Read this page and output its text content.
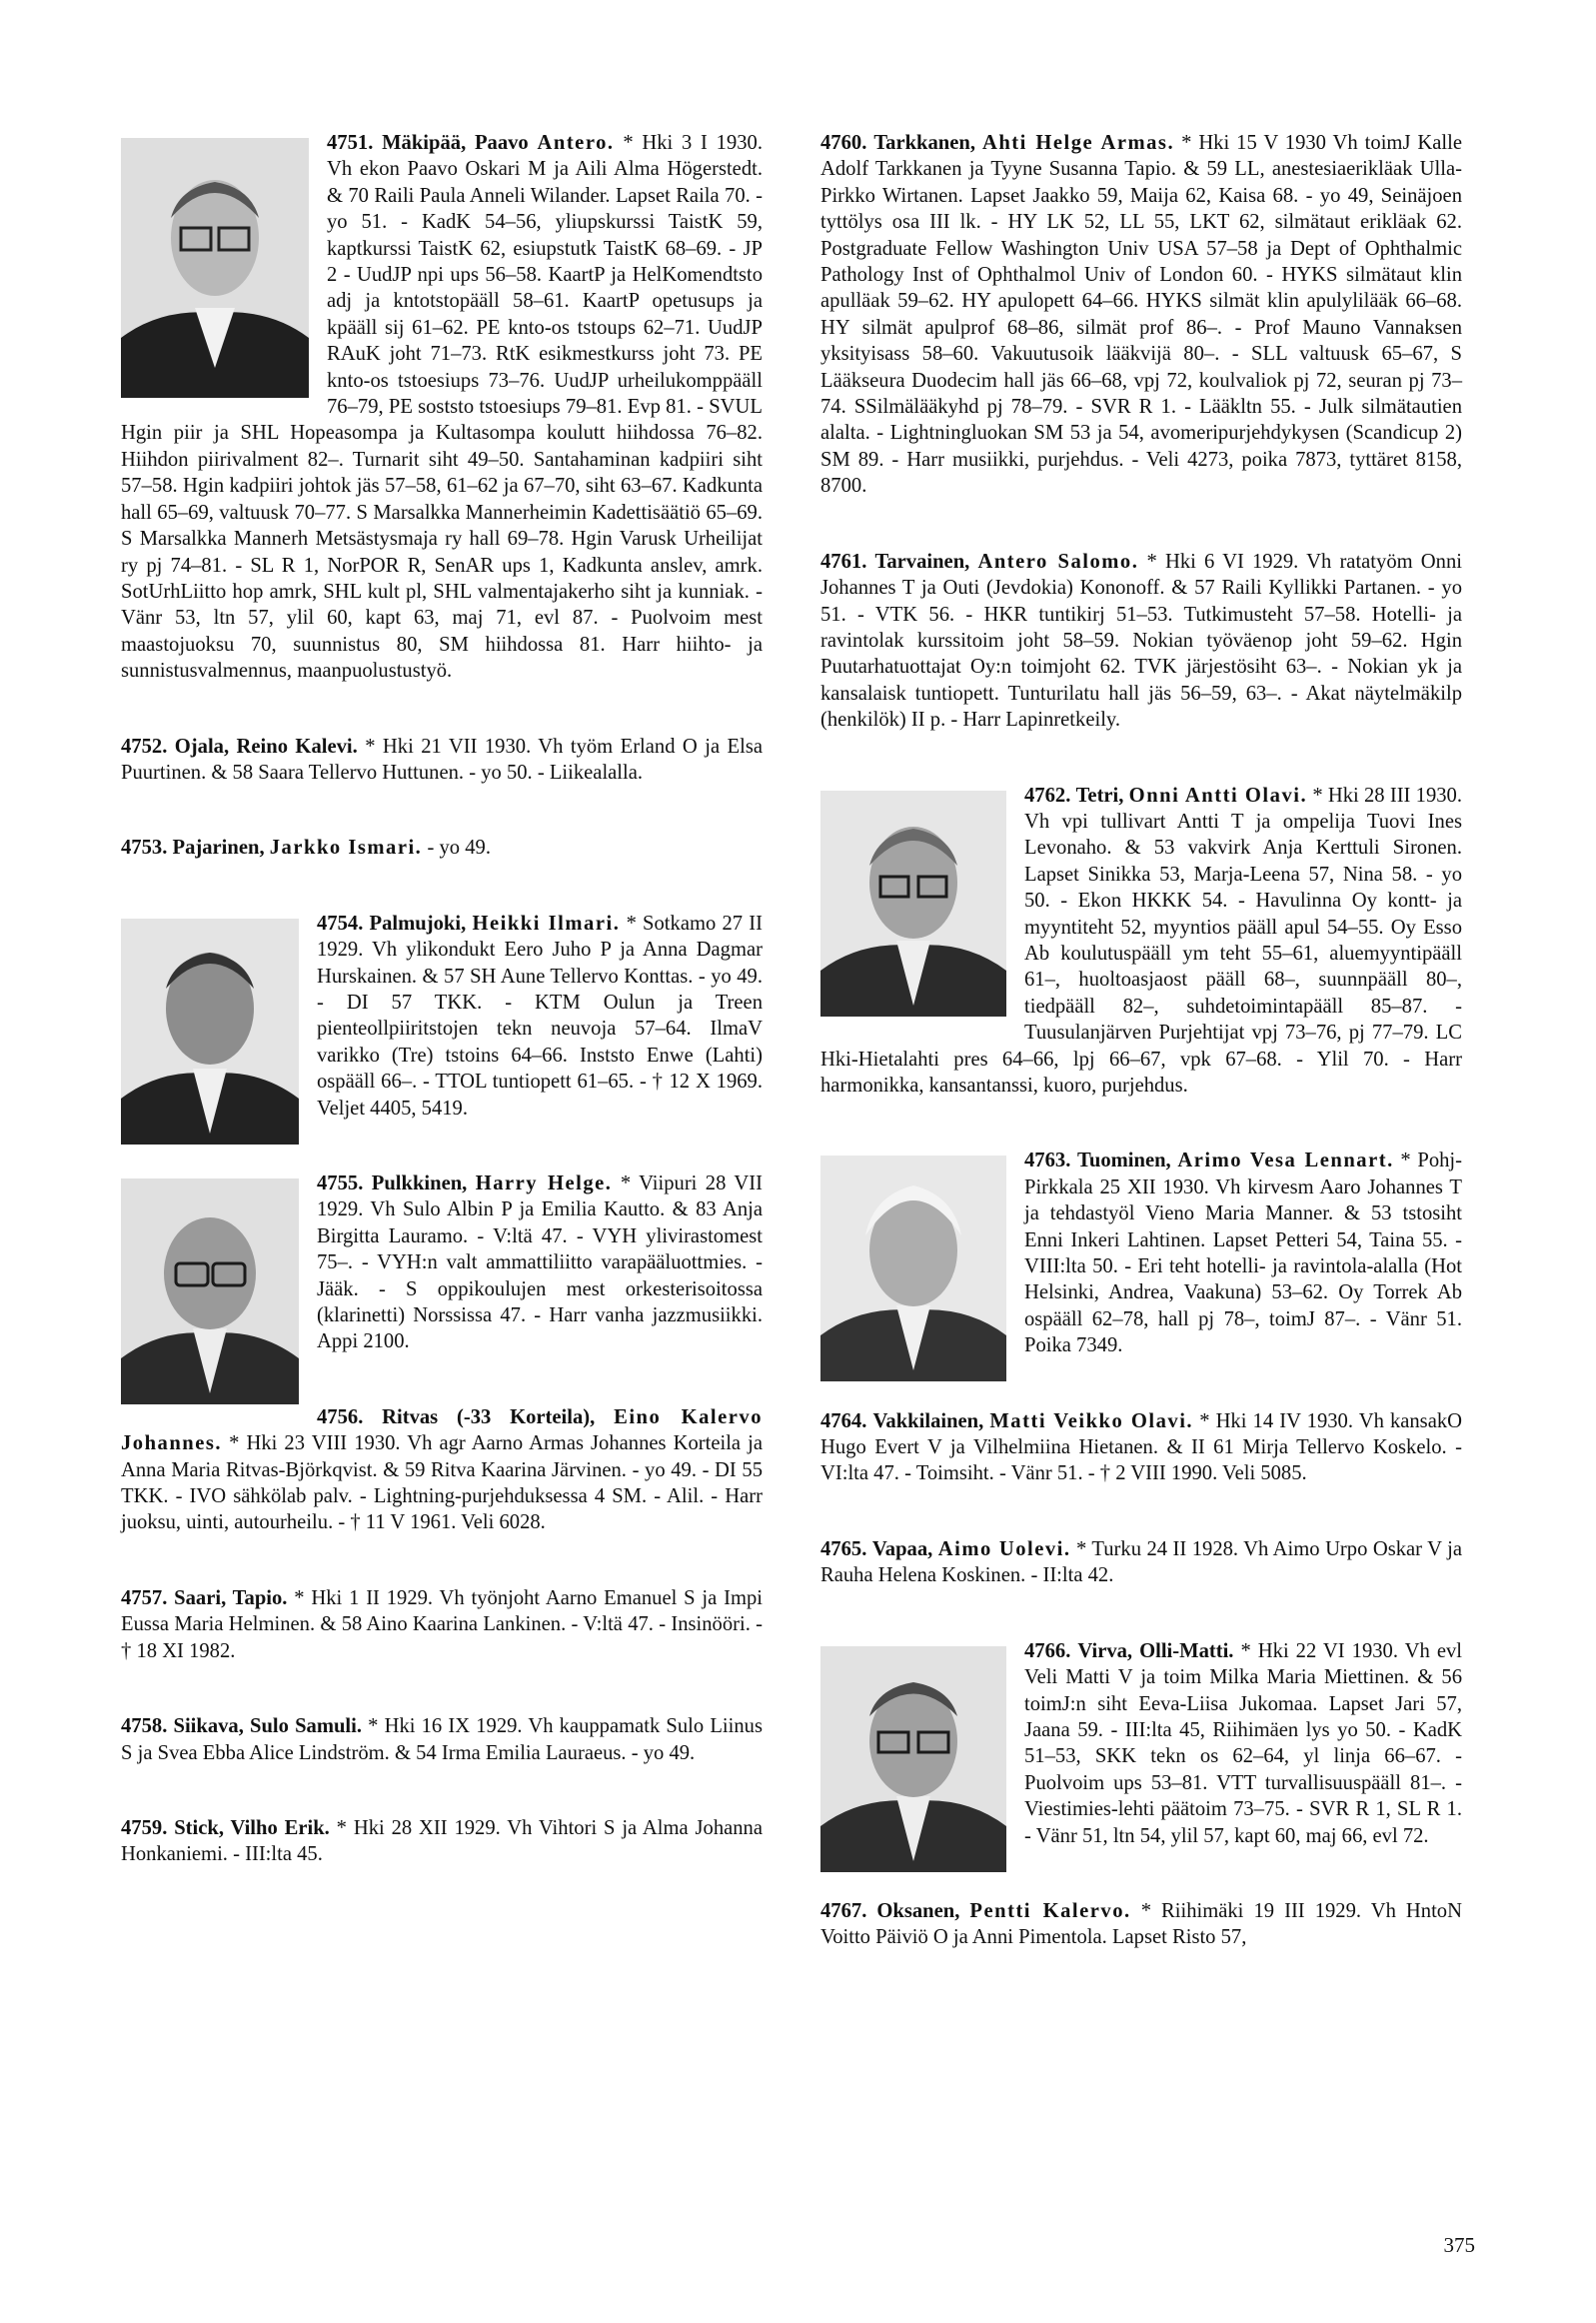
4751. Mäkipää, Paavo Antero. * Hki 3 I 1930. Vh ekon Paavo Oskari M ja Aili Alma Högerstedt. & 70 Raili Paula Anneli Wilander. Lapset Raila 70. - yo 51. - KadK 54–56, yliupskurssi TaistK 59, kaptkurssi TaistK 62, esiupstutk TaistK 68–69. - JP 2 - UudJP npi ups 56–58. KaartP ja HelKomendtsto adj ja kntotstopääll 58–61. KaartP opetusups ja kpääll sij 61–62. PE knto-os tstoups 62–71. UudJP RAuK joht 71–73. RtK esikmestkurss joht 73. PE knto-os tstoesiups 73–76. UudJP urheilukomppääll 76–79, PE soststo tstoesiups 79–81. Evp 81. - SVUL Hgin piir ja SHL Hopeasompa ja Kultasompa koulutt hiihdossa 76–82. Hiihdon piirivalment 82–. Turnarit siht 49–50. Santahaminan kadpiiri siht 57–58. Hgin kadpiiri johtok jäs 57–58, 61–62 ja 67–70, siht 63–67. Kadkunta hall 65–69, valtuusk 70–77. S Marsalkka Mannerheimin Kadettisäätiö 65–69. S Marsalkka Mannerh Metsästysmaja ry hall 69–78. Hgin Varusk Urheilijat ry pj 74–81. - SL R 1, NorPOR R, SenAR ups 1, Kadkunta anslev, amrk. SotUrhLiitto hop amrk, SHL kult pl, SHL valmentajakerho siht ja kunniak. - Vänr 53, ltn 57, ylil 60, kapt 63, maj 71, evl 87. - Puolvoim mest maastojuoksu 70, suunnistus 80, SM hiihdossa 81. Harr hiihto- ja sunnistusvalmennus, maanpuolustustyö.
4752. Ojala, Reino Kalevi. * Hki 21 VII 1930. Vh työm Erland O ja Elsa Puurtinen. & 58 Saara Tellervo Huttunen. - yo 50. - Liikealalla.
4753. Pajarinen, Jarkko Ismari. - yo 49.
4754. Palmujoki, Heikki Ilmari. * Sotkamo 27 II 1929. Vh ylikondukt Eero Juho P ja Anna Dagmar Hurskainen. & 57 SH Aune Tellervo Konttas. - yo 49. - DI 57 TKK. - KTM Oulun ja Treen pienteollpiiritstojen tekn neuvoja 57–64. IlmaV varikko (Tre) tstoins 64–66. Inststo Enwe (Lahti) ospääll 66–. - TTOL tuntiopett 61–65. - † 12 X 1969. Veljet 4405, 5419.
4755. Pulkkinen, Harry Helge. * Viipuri 28 VII 1929. Vh Sulo Albin P ja Emilia Kautto. & 83 Anja Birgitta Lauramo. - V:ltä 47. - VYH ylivirastomest 75–. - VYH:n valt ammattiliitto varapääluottmies. - Jääk. - S oppikoulujen mest orkesterisoitossa (klarinetti) Norssissa 47. - Harr vanha jazzmusiikki. Appi 2100.
4756. Ritvas (-33 Korteila), Eino Kalervo Johannes. * Hki 23 VIII 1930. Vh agr Aarno Armas Johannes Korteila ja Anna Maria Ritvas-Björkqvist. & 59 Ritva Kaarina Järvinen. - yo 49. - DI 55 TKK. - IVO sähkölab palv. - Lightning-purjehduksessa 4 SM. - Alil. - Harr juoksu, uinti, autourheilu. - † 11 V 1961. Veli 6028.
4757. Saari, Tapio. * Hki 1 II 1929. Vh työnjoht Aarno Emanuel S ja Impi Eussa Maria Helminen. & 58 Aino Kaarina Lankinen. - V:ltä 47. - Insinööri. - † 18 XI 1982.
4758. Siikava, Sulo Samuli. * Hki 16 IX 1929. Vh kauppamatk Sulo Liinus S ja Svea Ebba Alice Lindström. & 54 Irma Emilia Lauraeus. - yo 49.
4759. Stick, Vilho Erik. * Hki 28 XII 1929. Vh Vihtori S ja Alma Johanna Honkaniemi. - III:lta 45.
4760. Tarkkanen, Ahti Helge Armas. * Hki 15 V 1930 Vh toimJ Kalle Adolf Tarkkanen ja Tyyne Susanna Tapio. & 59 LL, anestesiaerikläak Ulla-Pirkko Wirtanen. Lapset Jaakko 59, Maija 62, Kaisa 68. - yo 49, Seinäjoen tyttölys osa III lk. - HY LK 52, LL 55, LKT 62, silmätaut erikläak 62. Postgraduate Fellow Washington Univ USA 57–58 ja Dept of Ophthalmic Pathology Inst of Ophthalmol Univ of London 60. - HYKS silmätaut klin apulläak 59–62. HY apulopett 64–66. HYKS silmät klin apulylilääk 66–68. HY silmät apulprof 68–86, silmät prof 86–. - Prof Mauno Vannaksen yksityisass 58–60. Vakuutusoik lääkvijä 80–. - SLL valtuusk 65–67, S Lääkseura Duodecim hall jäs 66–68, vpj 72, koulvaliok pj 72, seuran pj 73–74. SSilmälääkyhd pj 78–79. - SVR R 1. - Lääkltn 55. - Julk silmätautien alalta. - Lightningluokan SM 53 ja 54, avomeripurjehdykysen (Scandicup 2) SM 89. - Harr musiikki, purjehdus. - Veli 4273, poika 7873, tyttäret 8158, 8700.
4761. Tarvainen, Antero Salomo. * Hki 6 VI 1929. Vh ratatyöm Onni Johannes T ja Outi (Jevdokia) Kononoff. & 57 Raili Kyllikki Partanen. - yo 51. - VTK 56. - HKR tuntikirj 51–53. Tutkimusteht 57–58. Hotelli- ja ravintolak kurssitoim joht 58–59. Nokian työväenop joht 59–62. Hgin Puutarhatuottajat Oy:n toimjoht 62. TVK järjestösiht 63–. - Nokian yk ja kansalaisk tuntiopett. Tunturilatu hall jäs 56–59, 63–. - Akat näytelmäkilp (henkilök) II p. - Harr Lapinretkeily.
4762. Tetri, Onni Antti Olavi. * Hki 28 III 1930. Vh vpi tullivart Antti T ja ompelija Tuovi Ines Levonaho. & 53 vakvirk Anja Kerttuli Sironen. Lapset Sinikka 53, Marja-Leena 57, Nina 58. - yo 50. - Ekon HKKK 54. - Havulinna Oy kontt- ja myyntiteht 52, myyntios pääll apul 54–55. Oy Esso Ab koulutuspääll ym teht 55–61, aluemyyntipääll 61–, huoltoasjaost pääll 68–, suunnpääll 80–, tiedpääll 82–, suhdetoimintapääll 85–87. - Tuusulanjärven Purjehtijat vpj 73–76, pj 77–79. LC Hki-Hietalahti pres 64–66, lpj 66–67, vpk 67–68. - Ylil 70. - Harr harmonikka, kansantanssi, kuoro, purjehdus.
4763. Tuominen, Arimo Vesa Lennart. * Pohj-Pirkkala 25 XII 1930. Vh kirvesm Aaro Johannes T ja tehdastyöl Vieno Maria Manner. & 53 tstosiht Enni Inkeri Lahtinen. Lapset Petteri 54, Taina 55. - VIII:lta 50. - Eri teht hotelli- ja ravintola-alalla (Hot Helsinki, Andrea, Vaakuna) 53–62. Oy Torrek Ab ospääll 62–78, hall pj 78–, toimJ 87–. - Vänr 51. Poika 7349.
4764. Vakkilainen, Matti Veikko Olavi. * Hki 14 IV 1930. Vh kansakO Hugo Evert V ja Vilhelmiina Hietanen. & II 61 Mirja Tellervo Koskelo. - VI:lta 47. - Toimsiht. - Vänr 51. - † 2 VIII 1990. Veli 5085.
4765. Vapaa, Aimo Uolevi. * Turku 24 II 1928. Vh Aimo Urpo Oskar V ja Rauha Helena Koskinen. - II:lta 42.
4766. Virva, Olli-Matti. * Hki 22 VI 1930. Vh evl Veli Matti V ja toim Milka Maria Miettinen. & 56 toimJ:n siht Eeva-Liisa Jukomaa. Lapset Jari 57, Jaana 59. - III:lta 45, Riihimäen lys yo 50. - KadK 51–53, SKK tekn os 62–64, yl linja 66–67. - Puolvoim ups 53–81. VTT turvallisuuspääll 81–. - Viestimies-lehti päätoim 73–75. - SVR R 1, SL R 1. - Vänr 51, ltn 54, ylil 57, kapt 60, maj 66, evl 72.
4767. Oksanen, Pentti Kalervo. * Riihimäki 19 III 1929. Vh HntoN Voitto Päiviö O ja Anni Pimentola. Lapset Risto 57,
375
